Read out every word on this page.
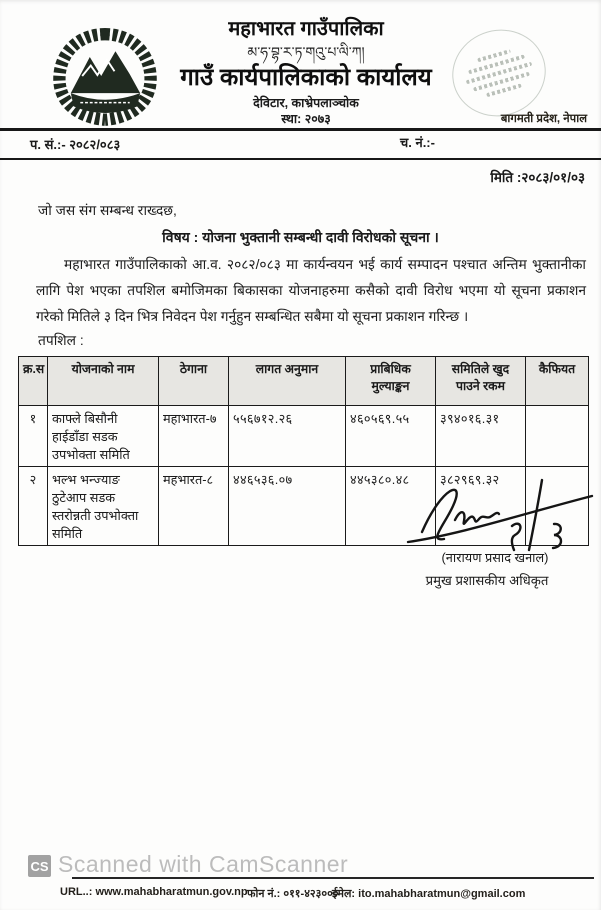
महाभारत गाउँपालिका
མ་ཧ་བྷ་ར་ཏ་གའུ་པ་ལི་ཀ།
गाउँ कार्यपालिकाको कार्यालय
देविटार, काभ्रेपलाञ्चोक
स्था: २०७३	बागमती प्रदेश, नेपाल
प. सं.:- २०८२/०८३	च. नं.:-
मिति :२०८३/०१/०३
जो जस संग सम्बन्ध राख्दछ,
विषय : योजना भुक्तानी सम्बन्धी दावी विरोधको सूचना ।
महाभारत गाउँपालिकाको आ.व. २०८२/०८३ मा कार्यन्वयन भई कार्य सम्पादन पश्चात अन्तिम भुक्तानीका लागि पेश भएका तपशिल बमोजिमका बिकासका योजनाहरुमा कसैको दावी विरोध भएमा यो सूचना प्रकाशन गरेको मितिले ३ दिन भित्र निवेदन पेश गर्नुहुन सम्बन्धित सबैमा यो सूचना प्रकाशन गरिन्छ ।
तपशिल :
क्र.स	योजनाको नाम	ठेगाना	लागत अनुमान	प्राबिधिक मुल्याङ्कन	समितिले खुद पाउने रकम	कैफियत
१	काफ्ले बिसौनी हाईडाँडा सडक उपभोक्ता समिति	महाभारत-७	५५६७१२.२६	४६०५६९.५५	३९४०१६.३१	
२	भल्भ भन्ज्याङ ठुटेआप सडक स्तरोन्नती उपभोक्ता समिति	महभारत-८	४४६५३६.०७	४४५३८०.४८	३८२९६९.३२	
(नारायण प्रसाद खनाल)
प्रमुख प्रशासकीय अधिकृत
CS Scanned with CamScanner
URL..: www.mahabharatmun.gov.np फोन नं.: ०११-४२३०००
ईमेल: ito.mahabharatmun@gmail.com
